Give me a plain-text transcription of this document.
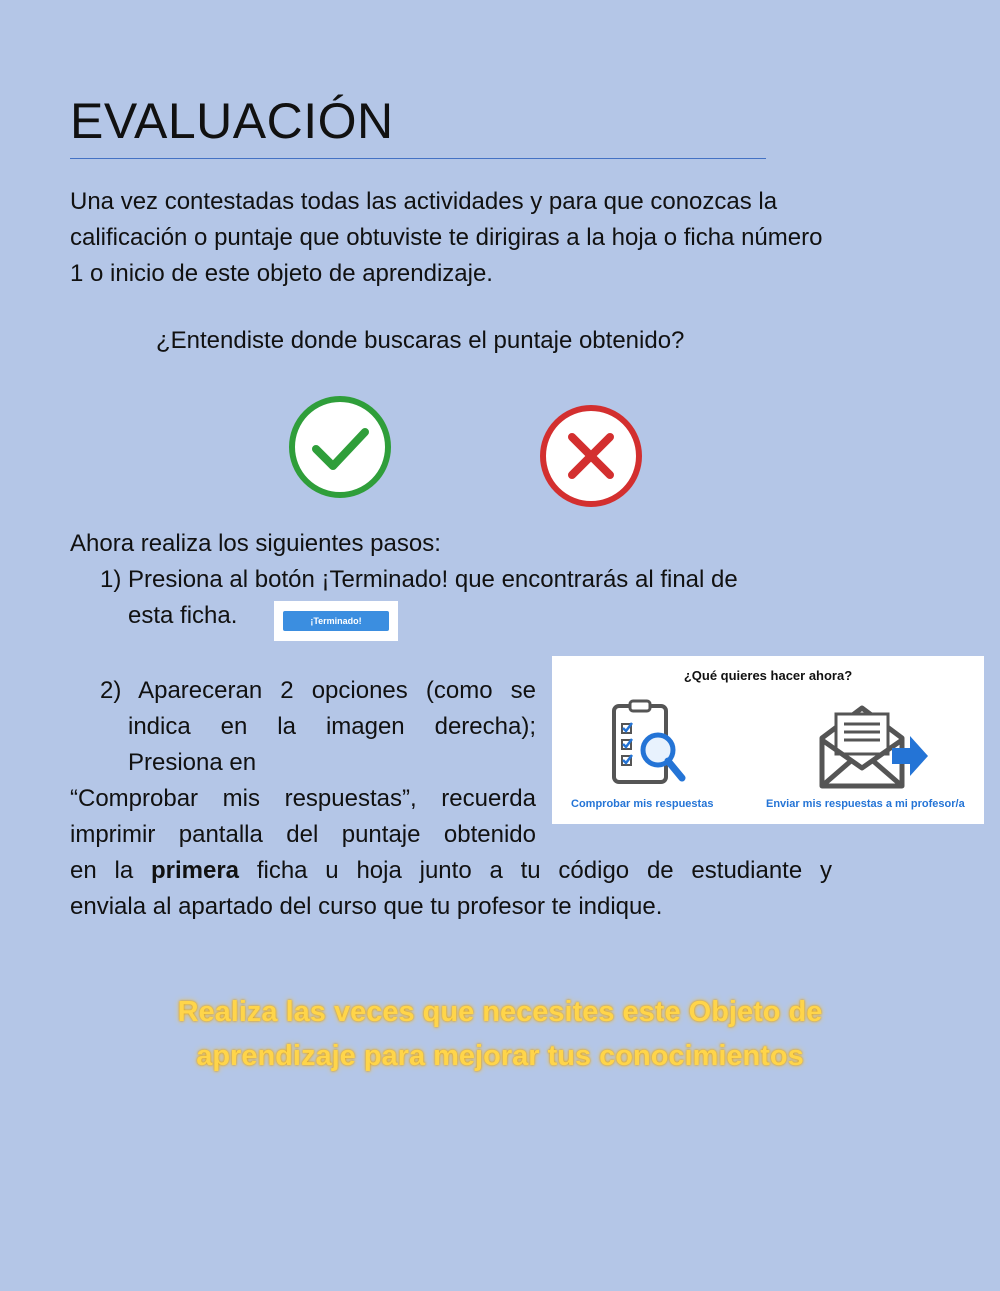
EVALUACIÓN

Una vez contestadas todas las actividades y para que conozcas la calificación o puntaje que obtuviste te dirigiras a la hoja o ficha número 1 o inicio de este objeto de aprendizaje.

¿Entendiste donde buscaras el puntaje obtenido?

Ahora realiza los siguientes pasos:

1) Presiona al botón ¡Terminado! que encontrarás al final de

esta ficha.	¡Terminado!

2) Apareceran 2 opciones (como se
indica en la imagen derecha);
Presiona en
“Comprobar mis respuestas”, recuerda
imprimir pantalla del puntaje obtenido

en la primera ficha u hoja junto a tu código de estudiante y
enviala al apartado del curso que tu profesor te indique.

¿Qué quieres hacer ahora?
Comprobar mis respuestas	Enviar mis respuestas a mi profesor/a

Realiza las veces que necesites este Objeto de
aprendizaje para mejorar tus conocimientos
